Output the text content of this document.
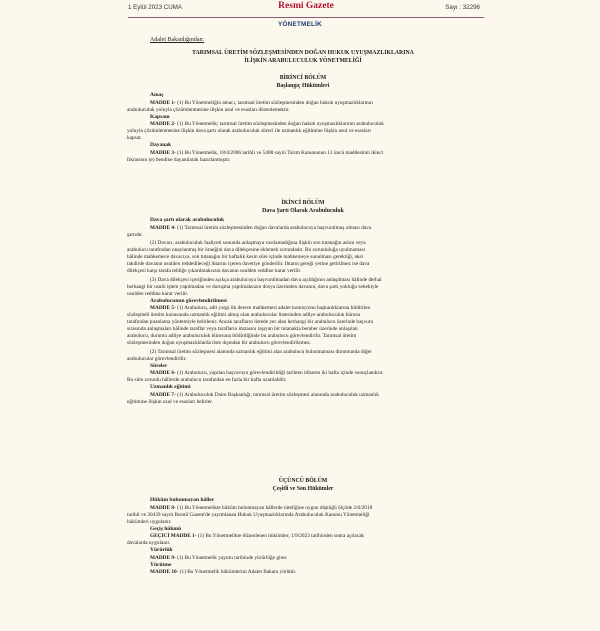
1 Eylül 2023 CUMA	Resmi Gazete	Sayı : 32296
YÖNETMELİK
Adalet Bakanlığından:
TARIMSAL ÜRETİM SÖZLEŞMESİNDEN DOĞAN HUKUK UYUŞMAZLIKLARINA
İLİŞKİN ARABULUCULUK YÖNETMELİĞİ
BİRİNCİ BÖLÜM
Başlangıç Hükümleri
Amaç
MADDE 1- (1) Bu Yönetmeliğin amacı, tarımsal üretim sözleşmesinden doğan hukuk uyuşmazlıklarının
arabuluculuk yoluyla çözümlenmesine ilişkin usul ve esasları düzenlemektir.
Kapsam
MADDE 2- (1) Bu Yönetmelik; tarımsal üretim sözleşmesinden doğan hukuk uyuşmazlıklarının arabuluculuk
yoluyla çözümlenmesine ilişkin dava şartı olarak arabuluculuk süreci ile uzmanlık eğitimine ilişkin usul ve esasları
kapsar.
Dayanak
MADDE 3- (1) Bu Yönetmelik, 18/4/2006 tarihli ve 5488 sayılı Tarım Kanununun 13 üncü maddesinin ikinci
fıkrasının (e) bendine dayanılarak hazırlanmıştır.
İKİNCİ BÖLÜM
Dava Şartı Olarak Arabuluculuk
Dava şartı olarak arabuluculuk
MADDE 4- (1) Tarımsal üretim sözleşmesinden doğan davalarda arabulucuya başvurulmuş olması dava
şartıdır.
(2) Davacı, arabuluculuk faaliyeti sonunda anlaşmaya varılamadığına ilişkin son tutanağın aslını veya
arabulucu tarafından onaylanmış bir örneğini dava dilekçesine eklemek zorundadır. Bu zorunluluğa uyulmaması
hâlinde mahkemece davacıya, son tutanağın bir haftalık kesin süre içinde mahkemeye sunulması gerektiği, aksi
takdirde davanın usulden reddedileceği ihtarını içeren davetiye gönderilir. İhtarın gereği yerine getirilmez ise dava
dilekçesi karşı tarafa tebliğe çıkarılmaksızın davanın usulden reddine karar verilir.
(3) Dava dilekçesi içeriğinden açıkça arabulucuya başvurulmadan dava açıldığının anlaşılması hâlinde derhal
herhangi bir usulü işlem yapılmadan ve duruşma yapılmaksızın dosya üzerinden davanın, dava şartı yokluğu sebebiyle
usulden reddine karar verilir.
Arabulucunun görevlendirilmesi
MADDE 5- (1) Arabulucu, adli yargı ilk derece mahkemesi adalet komisyonu başkanlıklarına bildirilen
sözleşmeli üretim konusunda uzmanlık eğitimi almış olan arabulucular listesinden adliye arabuluculuk bürosu
tarafından puanlama yöntemiyle belirlenir. Ancak tarafların listede yer alan herhangi bir arabulucu üzerinde başvuru
sırasında anlaşmaları hâlinde taraflar veya tarafların imzasını taşıyan bir tutanakla beraber üzerinde anlaşılan
arabulucu, durumu adliye arabuluculuk bürosuna bildirdiğinde bu arabulucu görevlendirilir. Tarımsal üretim
sözleşmesinden doğan uyuşmazlıklarda liste dışından bir arabulucu görevlendirilemez.
(2) Tarımsal üretim sözleşmesi alanında uzmanlık eğitimi alan arabulucu bulunmaması durumunda diğer
arabulucular görevlendirilir.
Süreler
MADDE 6- (1) Arabulucu, yapılan başvuruyu görevlendirildiği tarihten itibaren iki hafta içinde sonuçlandırır.
Bu süre zorunlu hâllerde arabulucu tarafından en fazla bir hafta uzatılabilir.
Uzmanlık eğitimi
MADDE 7- (1) Arabuluculuk Daire Başkanlığı, tarımsal üretim sözleşmesi alanında arabuluculuk uzmanlık
eğitimine ilişkin usul ve esasları belirler.
ÜÇÜNCÜ BÖLÜM
Çeşitli ve Son Hükümler
Hüküm bulunmayan hâller
MADDE 8- (1) Bu Yönetmelikte hüküm bulunmayan hâllerde niteliğine uygun düştüğü ölçüde 2/6/2018
tarihli ve 30439 sayılı Resmî Gazete'de yayımlanan Hukuk Uyuşmazlıklarında Arabuluculuk Kanunu Yönetmeliği
hükümleri uygulanır.
Geçiş hükmü
GEÇİCİ MADDE 1- (1) Bu Yönetmelikte düzenlenen hükümler, 1/9/2023 tarihinden sonra açılacak
davalarda uygulanır.
Yürürlük
MADDE 9- (1) Bu Yönetmelik yayımı tarihinde yürürlüğe girer.
Yürütme
MADDE 10- (1) Bu Yönetmelik hükümlerini Adalet Bakanı yürütür.
